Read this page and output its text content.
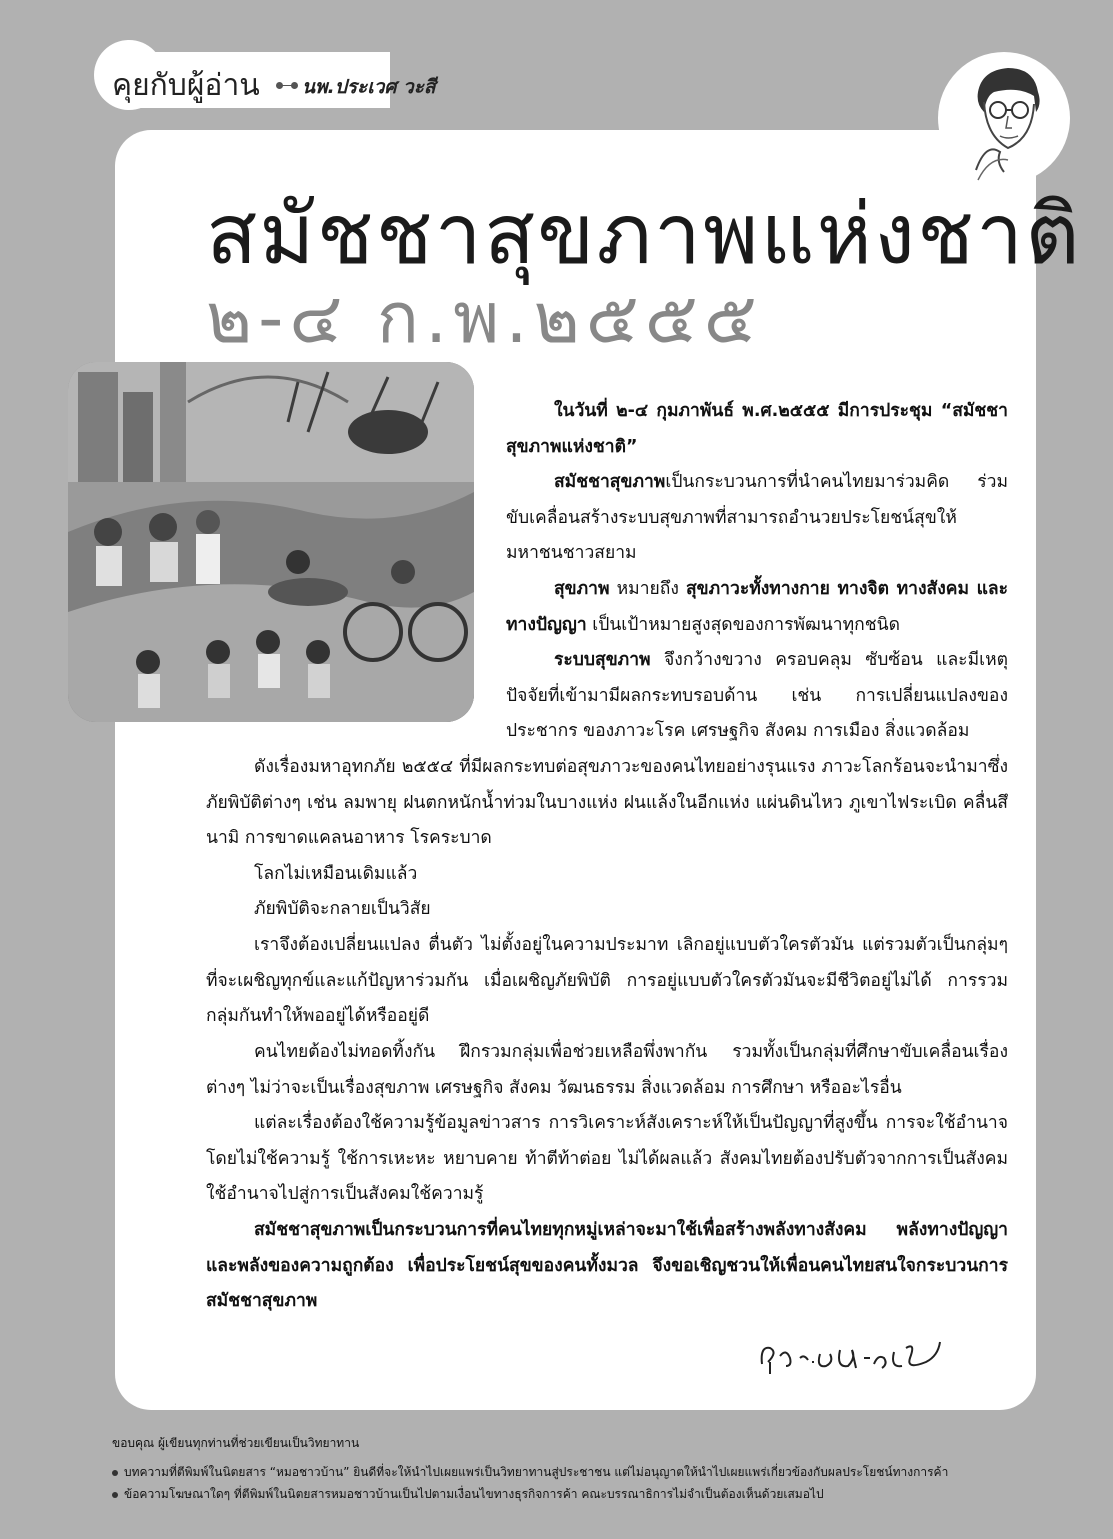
คุยกับผู้อ่าน นพ.ประเวศ วะสี
สมัชชาสุขภาพแห่งชาติ
๒-๔ ก.พ.๒๕๕๕
ในวันที่ ๒-๔ กุมภาพันธ์ พ.ศ.๒๕๕๕ มีการประชุม “สมัชชาสุขภาพแห่งชาติ”
สมัชชาสุขภาพเป็นกระบวนการที่นำคนไทยมาร่วมคิด ร่วมขับเคลื่อนสร้างระบบสุขภาพที่สามารถอำนวยประโยชน์สุขให้มหาชนชาวสยาม
สุขภาพ หมายถึง สุขภาวะทั้งทางกาย ทางจิต ทางสังคม และทางปัญญา เป็นเป้าหมายสูงสุดของการพัฒนาทุกชนิด
ระบบสุขภาพ จึงกว้างขวาง ครอบคลุม ซับซ้อน และมีเหตุปัจจัยที่เข้ามามีผลกระทบรอบด้าน เช่น การเปลี่ยนแปลงของประชากร ของภาวะโรค เศรษฐกิจ สังคม การเมือง สิ่งแวดล้อม
ดังเรื่องมหาอุทกภัย ๒๕๕๔ ที่มีผลกระทบต่อสุขภาวะของคนไทยอย่างรุนแรง ภาวะโลกร้อนจะนำมาซึ่งภัยพิบัติต่างๆ เช่น ลมพายุ ฝนตกหนักน้ำท่วมในบางแห่ง ฝนแล้งในอีกแห่ง แผ่นดินไหว ภูเขาไฟระเบิด คลื่นสึนามิ การขาดแคลนอาหาร โรคระบาด
โลกไม่เหมือนเดิมแล้ว
ภัยพิบัติจะกลายเป็นวิสัย
เราจึงต้องเปลี่ยนแปลง ตื่นตัว ไม่ตั้งอยู่ในความประมาท เลิกอยู่แบบตัวใครตัวมัน แต่รวมตัวเป็นกลุ่มๆ ที่จะเผชิญทุกข์และแก้ปัญหาร่วมกัน เมื่อเผชิญภัยพิบัติ การอยู่แบบตัวใครตัวมันจะมีชีวิตอยู่ไม่ได้ การรวมกลุ่มกันทำให้พออยู่ได้หรืออยู่ดี
คนไทยต้องไม่ทอดทิ้งกัน ฝึกรวมกลุ่มเพื่อช่วยเหลือพึ่งพากัน รวมทั้งเป็นกลุ่มที่ศึกษาขับเคลื่อนเรื่องต่างๆ ไม่ว่าจะเป็นเรื่องสุขภาพ เศรษฐกิจ สังคม วัฒนธรรม สิ่งแวดล้อม การศึกษา หรืออะไรอื่น
แต่ละเรื่องต้องใช้ความรู้ข้อมูลข่าวสาร การวิเคราะห์สังเคราะห์ให้เป็นปัญญาที่สูงขึ้น การจะใช้อำนาจโดยไม่ใช้ความรู้ ใช้การเหะหะ หยาบคาย ท้าตีท้าต่อย ไม่ได้ผลแล้ว สังคมไทยต้องปรับตัวจากการเป็นสังคมใช้อำนาจไปสู่การเป็นสังคมใช้ความรู้
สมัชชาสุขภาพเป็นกระบวนการที่คนไทยทุกหมู่เหล่าจะมาใช้เพื่อสร้างพลังทางสังคม พลังทางปัญญา และพลังของความถูกต้อง เพื่อประโยชน์สุขของคนทั้งมวล จึงขอเชิญชวนให้เพื่อนคนไทยสนใจกระบวนการสมัชชาสุขภาพ
ขอบคุณ ผู้เขียนทุกท่านที่ช่วยเขียนเป็นวิทยาทาน
บทความที่ตีพิมพ์ในนิตยสาร “หมอชาวบ้าน” ยินดีที่จะให้นำไปเผยแพร่เป็นวิทยาทานสู่ประชาชน แต่ไม่อนุญาตให้นำไปเผยแพร่เกี่ยวข้องกับผลประโยชน์ทางการค้า
ข้อความโฆษณาใดๆ ที่ตีพิมพ์ในนิตยสารหมอชาวบ้านเป็นไปตามเงื่อนไขทางธุรกิจการค้า คณะบรรณาธิการไม่จำเป็นต้องเห็นด้วยเสมอไป
